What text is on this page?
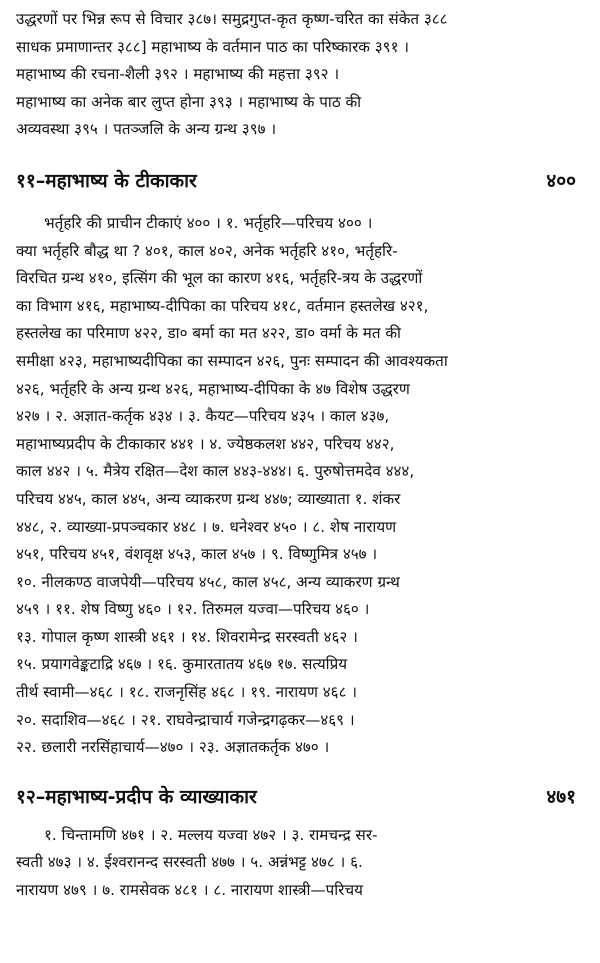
उद्धरणों पर भिन्न रूप से विचार ३८७। समुद्रगुप्त-कृत कृष्ण-चरित का संकेत ३८८

साधक प्रमाणान्तर ३८८] महाभाष्य के वर्तमान पाठ का परिष्कारक ३९१ ।

महाभाष्य की रचना-शैली ३९२ । महाभाष्य की महत्ता ३९२ ।

महाभाष्य का अनेक बार लुप्त होना ३९३ । महाभाष्य के पाठ की

अव्यवस्था ३९५ । पतञ्जलि के अन्य ग्रन्थ ३९७ ।

११–महाभाष्य के टीकाकार	४००

भर्तृहरि की प्राचीन टीकाएं ४०० । १. भर्तृहरि—परिचय ४०० ।

क्या भर्तृहरि बौद्ध था ? ४०१, काल ४०२, अनेक भर्तृहरि ४१०, भर्तृहरि-

विरचित ग्रन्थ ४१०, इत्सिंग की भूल का कारण ४१६, भर्तृहरि-त्रय के उद्धरणों

का विभाग ४१६, महाभाष्य-दीपिका का परिचय ४१८, वर्तमान हस्तलेख ४२१,

हस्तलेख का परिमाण ४२२, डा० बर्मा का मत ४२२, डा० वर्मा के मत की

समीक्षा ४२३, महाभाष्यदीपिका का सम्पादन ४२६, पुनः सम्पादन की आवश्यकता

४२६, भर्तृहरि के अन्य ग्रन्थ ४२६, महाभाष्य-दीपिका के ४७ विशेष उद्धरण

४२७ । २. अज्ञात-कर्तृक ४३४ । ३. कैयट—परिचय ४३५ । काल ४३७,

महाभाष्यप्रदीप के टीकाकार ४४१ । ४. ज्येष्ठकलश ४४२, परिचय ४४२,

काल ४४२ । ५. मैत्रेय रक्षित—देश काल ४४३-४४४। ६. पुरुषोत्तमदेव ४४४,

परिचय ४४५, काल ४४५, अन्य व्याकरण ग्रन्थ ४४७; व्याख्याता १. शंकर

४४८, २. व्याख्या-प्रपञ्चकार ४४८ । ७. धनेश्वर ४५० । ८. शेष नारायण

४५१, परिचय ४५१, वंशवृक्ष ४५३, काल ४५७ । ९. विष्णुमित्र ४५७ ।

१०. नीलकण्ठ वाजपेयी—परिचय ४५८, काल ४५८, अन्य व्याकरण ग्रन्थ

४५९ । ११. शेष विष्णु ४६० । १२. तिरुमल यज्वा—परिचय ४६० ।

१३. गोपाल कृष्ण शास्त्री ४६१ । १४. शिवरामेन्द्र सरस्वती ४६२ ।

१५. प्रयागवेङ्कटाद्रि ४६७ । १६. कुमारतातय ४६७ १७. सत्यप्रिय

तीर्थ स्वामी—४६८ । १८. राजनृसिंह ४६८ । १९. नारायण ४६८ ।

२०. सदाशिव—४६८ । २१. राघवेन्द्राचार्य गजेन्द्रगढ़कर—४६९ ।

२२. छलारी नरसिंहाचार्य—४७० । २३. अज्ञातकर्तृक ४७० ।

१२–महाभाष्य-प्रदीप के व्याख्याकार	४७१

१. चिन्तामणि ४७१ । २. मल्लय यज्वा ४७२ । ३. रामचन्द्र सर-

स्वती ४७३ । ४. ईश्वरानन्द सरस्वती ४७७ । ५. अन्नंभट्ट ४७८ । ६.

नारायण ४७९ । ७. रामसेवक ४८१ । ८. नारायण शास्त्री—परिचय
